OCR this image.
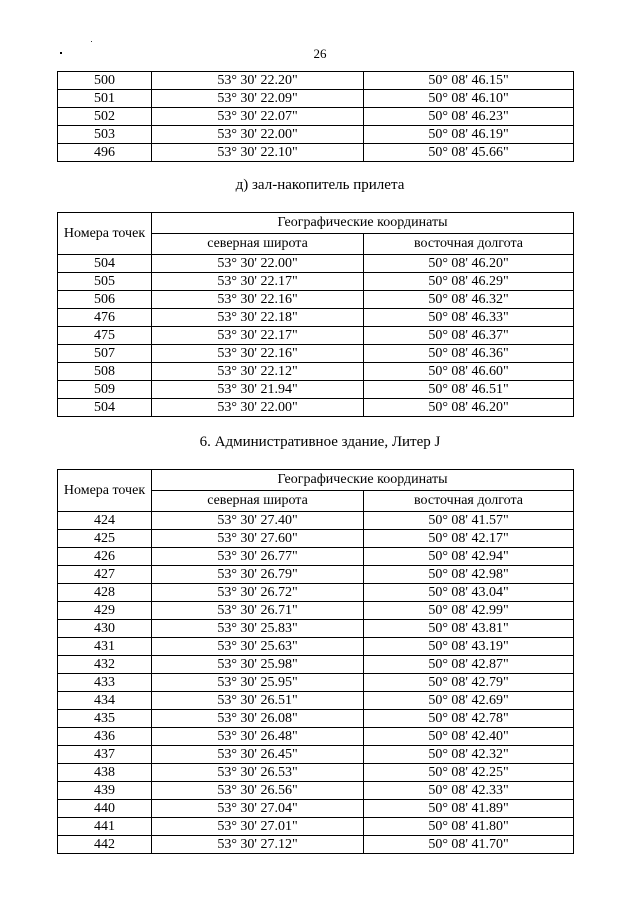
26
500	53° 30' 22.20"	50° 08' 46.15"
501	53° 30' 22.09"	50° 08' 46.10"
502	53° 30' 22.07"	50° 08' 46.23"
503	53° 30' 22.00"	50° 08' 46.19"
496	53° 30' 22.10"	50° 08' 45.66"
д) зал-накопитель прилета
Номера точек	Географические координаты	
	северная широта	восточная долгота
504	53° 30' 22.00"	50° 08' 46.20"
505	53° 30' 22.17"	50° 08' 46.29"
506	53° 30' 22.16"	50° 08' 46.32"
476	53° 30' 22.18"	50° 08' 46.33"
475	53° 30' 22.17"	50° 08' 46.37"
507	53° 30' 22.16"	50° 08' 46.36"
508	53° 30' 22.12"	50° 08' 46.60"
509	53° 30' 21.94"	50° 08' 46.51"
504	53° 30' 22.00"	50° 08' 46.20"
6. Административное здание, Литер J
Номера точек	Географические координаты	
	северная широта	восточная долгота
424	53° 30' 27.40"	50° 08' 41.57"
425	53° 30' 27.60"	50° 08' 42.17"
426	53° 30' 26.77"	50° 08' 42.94"
427	53° 30' 26.79"	50° 08' 42.98"
428	53° 30' 26.72"	50° 08' 43.04"
429	53° 30' 26.71"	50° 08' 42.99"
430	53° 30' 25.83"	50° 08' 43.81"
431	53° 30' 25.63"	50° 08' 43.19"
432	53° 30' 25.98"	50° 08' 42.87"
433	53° 30' 25.95"	50° 08' 42.79"
434	53° 30' 26.51"	50° 08' 42.69"
435	53° 30' 26.08"	50° 08' 42.78"
436	53° 30' 26.48"	50° 08' 42.40"
437	53° 30' 26.45"	50° 08' 42.32"
438	53° 30' 26.53"	50° 08' 42.25"
439	53° 30' 26.56"	50° 08' 42.33"
440	53° 30' 27.04"	50° 08' 41.89"
441	53° 30' 27.01"	50° 08' 41.80"
442	53° 30' 27.12"	50° 08' 41.70"
